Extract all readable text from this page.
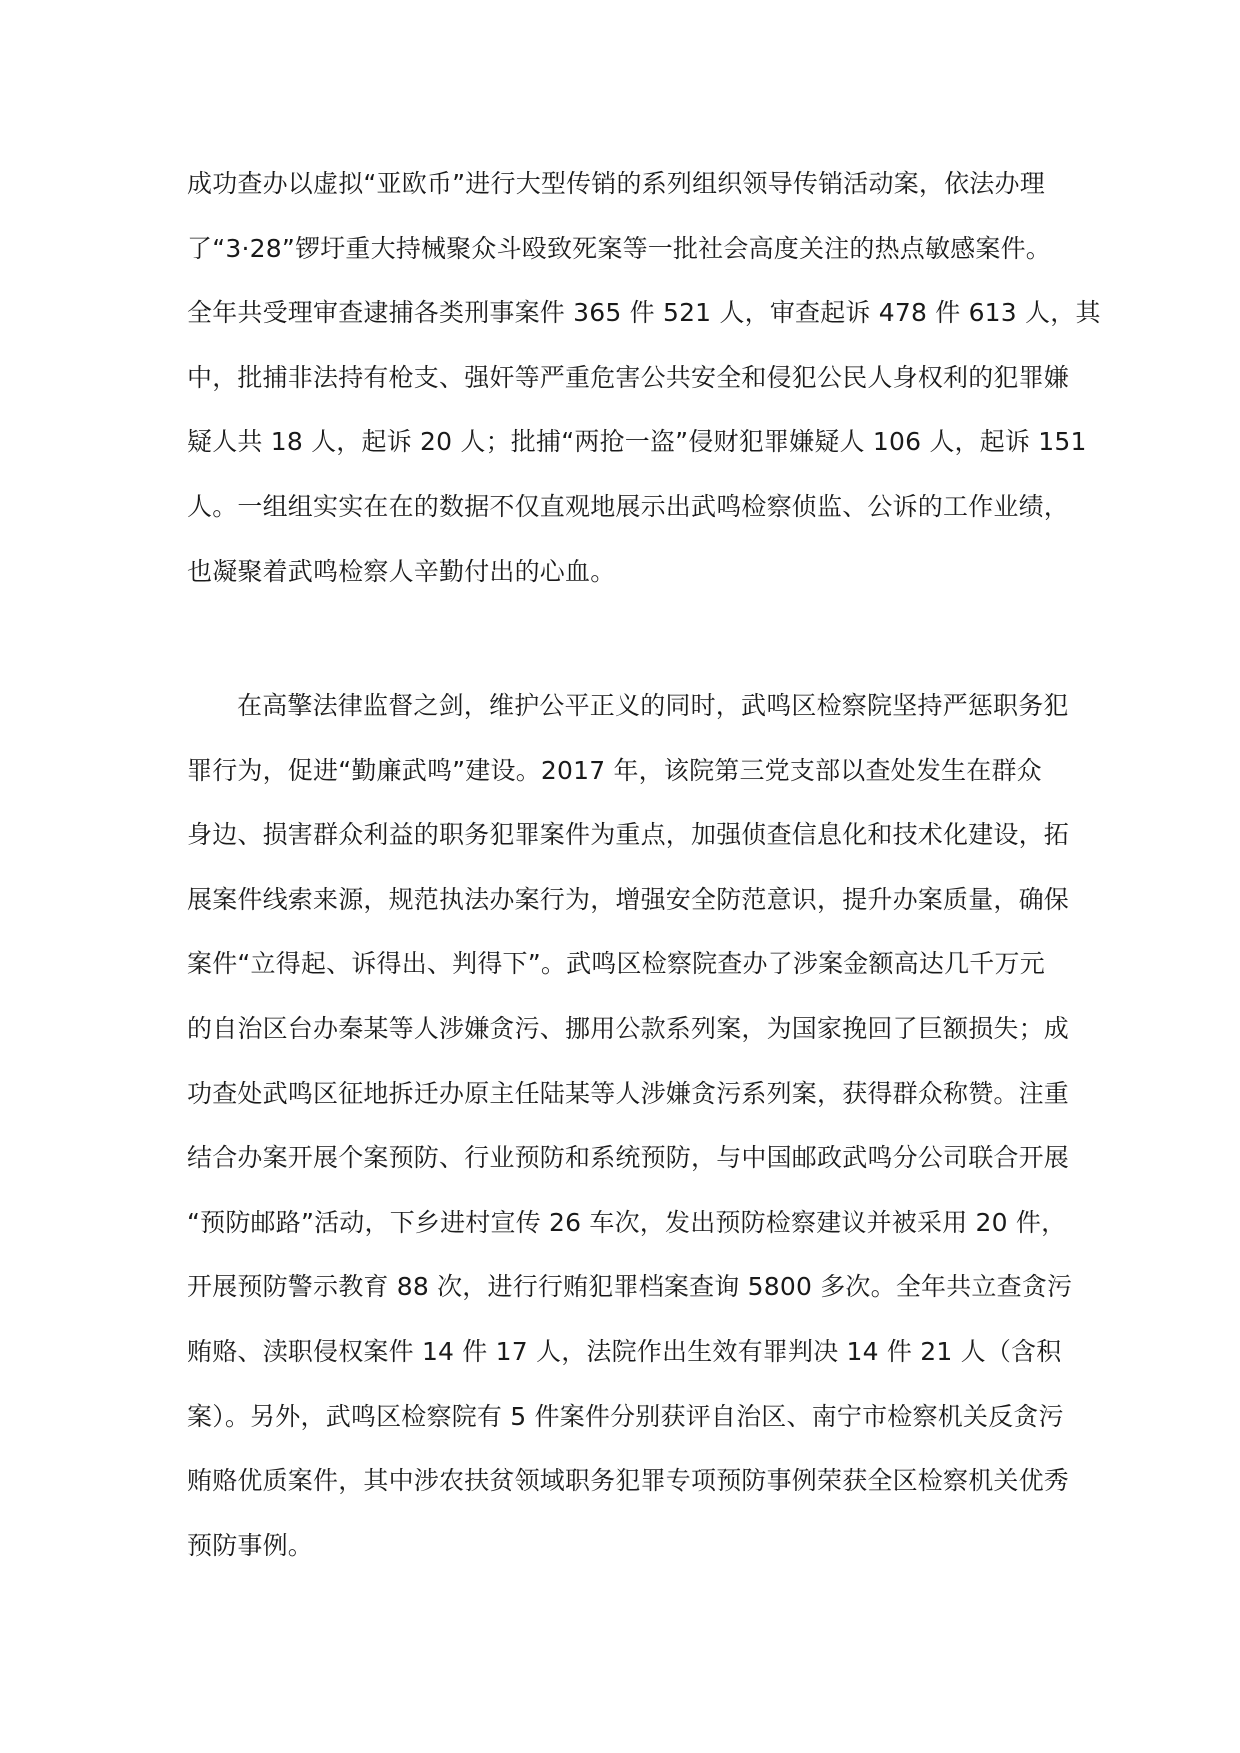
成功查办以虚拟“亚欧币”进行大型传销的系列组织领导传销活动案，依法办理
了“3·28”锣圩重大持械聚众斗殴致死案等一批社会高度关注的热点敏感案件。
全年共受理审查逮捕各类刑事案件 365 件 521 人，审查起诉 478 件 613 人，其
中，批捕非法持有枪支、强奸等严重危害公共安全和侵犯公民人身权利的犯罪嫌
疑人共 18 人，起诉 20 人；批捕“两抢一盗”侵财犯罪嫌疑人 106 人，起诉 151
人。一组组实实在在的数据不仅直观地展示出武鸣检察侦监、公诉的工作业绩，
也凝聚着武鸣检察人辛勤付出的心血。
在高擎法律监督之剑，维护公平正义的同时，武鸣区检察院坚持严惩职务犯
罪行为，促进“勤廉武鸣”建设。2017 年，该院第三党支部以查处发生在群众
身边、损害群众利益的职务犯罪案件为重点，加强侦查信息化和技术化建设，拓
展案件线索来源，规范执法办案行为，增强安全防范意识，提升办案质量，确保
案件“立得起、诉得出、判得下”。武鸣区检察院查办了涉案金额高达几千万元
的自治区台办秦某等人涉嫌贪污、挪用公款系列案，为国家挽回了巨额损失；成
功查处武鸣区征地拆迁办原主任陆某等人涉嫌贪污系列案，获得群众称赞。注重
结合办案开展个案预防、行业预防和系统预防，与中国邮政武鸣分公司联合开展
“预防邮路”活动，下乡进村宣传 26 车次，发出预防检察建议并被采用 20 件，
开展预防警示教育 88 次，进行行贿犯罪档案查询 5800 多次。全年共立查贪污
贿赂、渎职侵权案件 14 件 17 人，法院作出生效有罪判决 14 件 21 人（含积
案）。另外，武鸣区检察院有 5 件案件分别获评自治区、南宁市检察机关反贪污
贿赂优质案件，其中涉农扶贫领域职务犯罪专项预防事例荣获全区检察机关优秀
预防事例。
